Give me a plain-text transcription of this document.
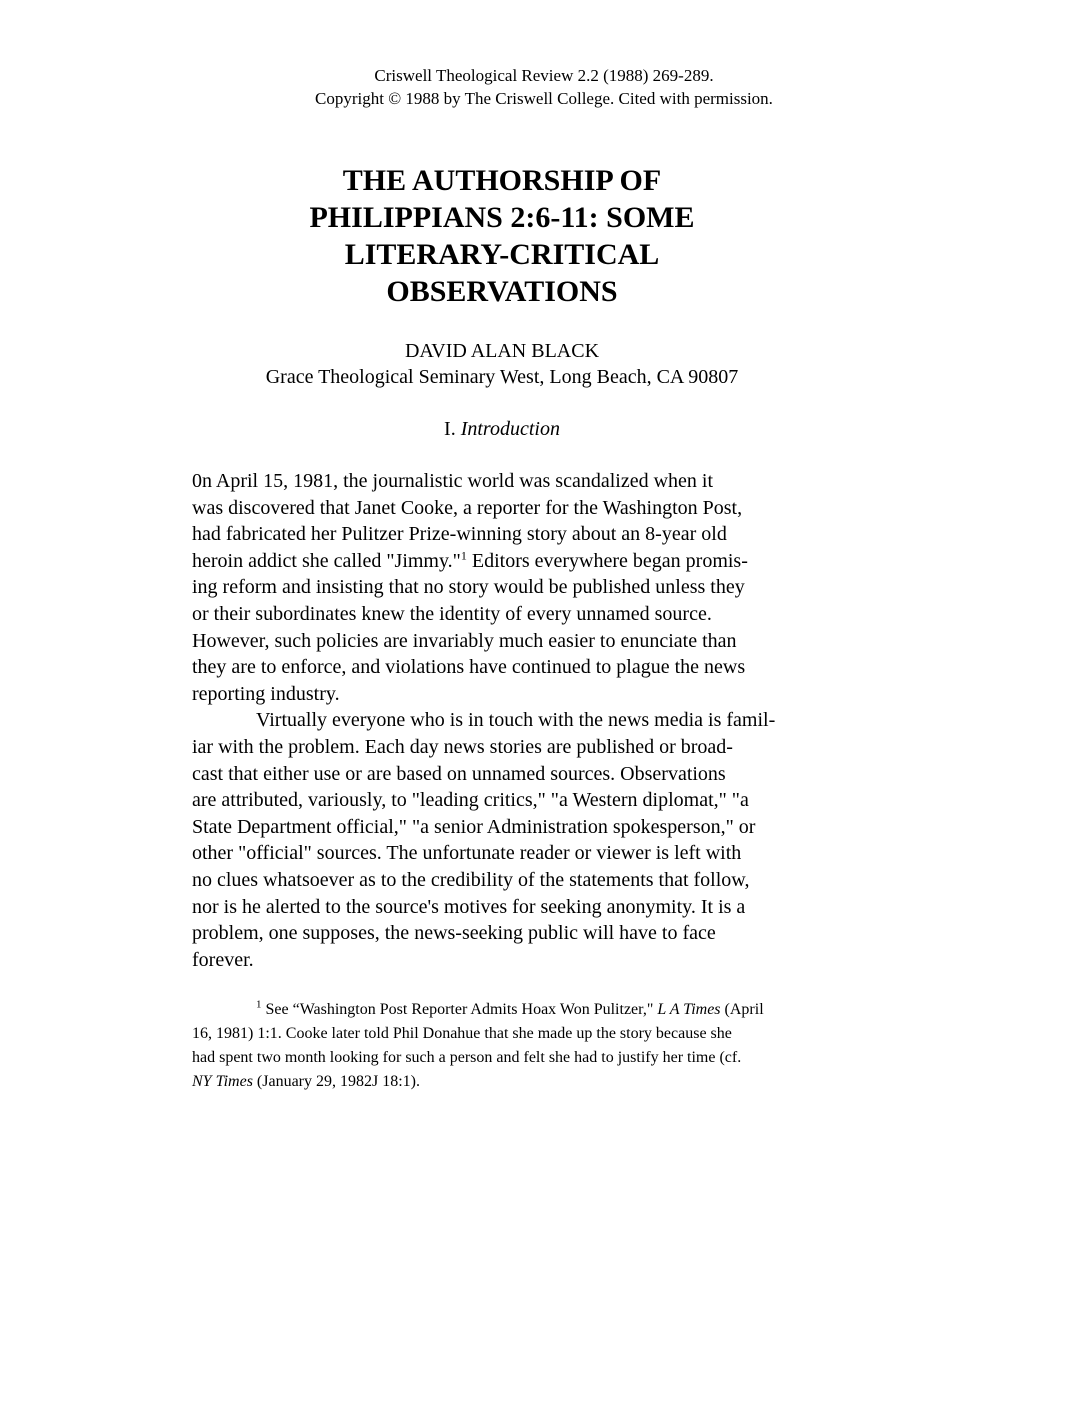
Criswell Theological Review 2.2 (1988) 269-289.
Copyright © 1988 by The Criswell College. Cited with permission.
THE AUTHORSHIP OF
PHILIPPIANS 2:6-11: SOME
LITERARY-CRITICAL
OBSERVATIONS
DAVID ALAN BLACK
Grace Theological Seminary West, Long Beach, CA 90807
I. Introduction
0n April 15, 1981, the journalistic world was scandalized when it
was discovered that Janet Cooke, a reporter for the Washington Post,
had fabricated her Pulitzer Prize-winning story about an 8-year old
heroin addict she called "Jimmy."$^1$ Editors everywhere began promis-
ing reform and insisting that no story would be published unless they
or their subordinates knew the identity of every unnamed source.
However, such policies are invariably much easier to enunciate than
they are to enforce, and violations have continued to plague the news
reporting industry.
Virtually everyone who is in touch with the news media is famil-
iar with the problem. Each day news stories are published or broad-
cast that either use or are based on unnamed sources. Observations
are attributed, variously, to "leading critics," "a Western diplomat," "a
State Department official," "a senior Administration spokesperson," or
other "official" sources. The unfortunate reader or viewer is left with
no clues whatsoever as to the credibility of the statements that follow,
nor is he alerted to the source's motives for seeking anonymity. It is a
problem, one supposes, the news-seeking public will have to face
forever.
$^1$ See “Washington Post Reporter Admits Hoax Won Pulitzer," L A Times (April
16, 1981) 1:1. Cooke later told Phil Donahue that she made up the story because she
had spent two month looking for such a person and felt she had to justify her time (cf.
NY Times (January 29, 1982J 18:1).
